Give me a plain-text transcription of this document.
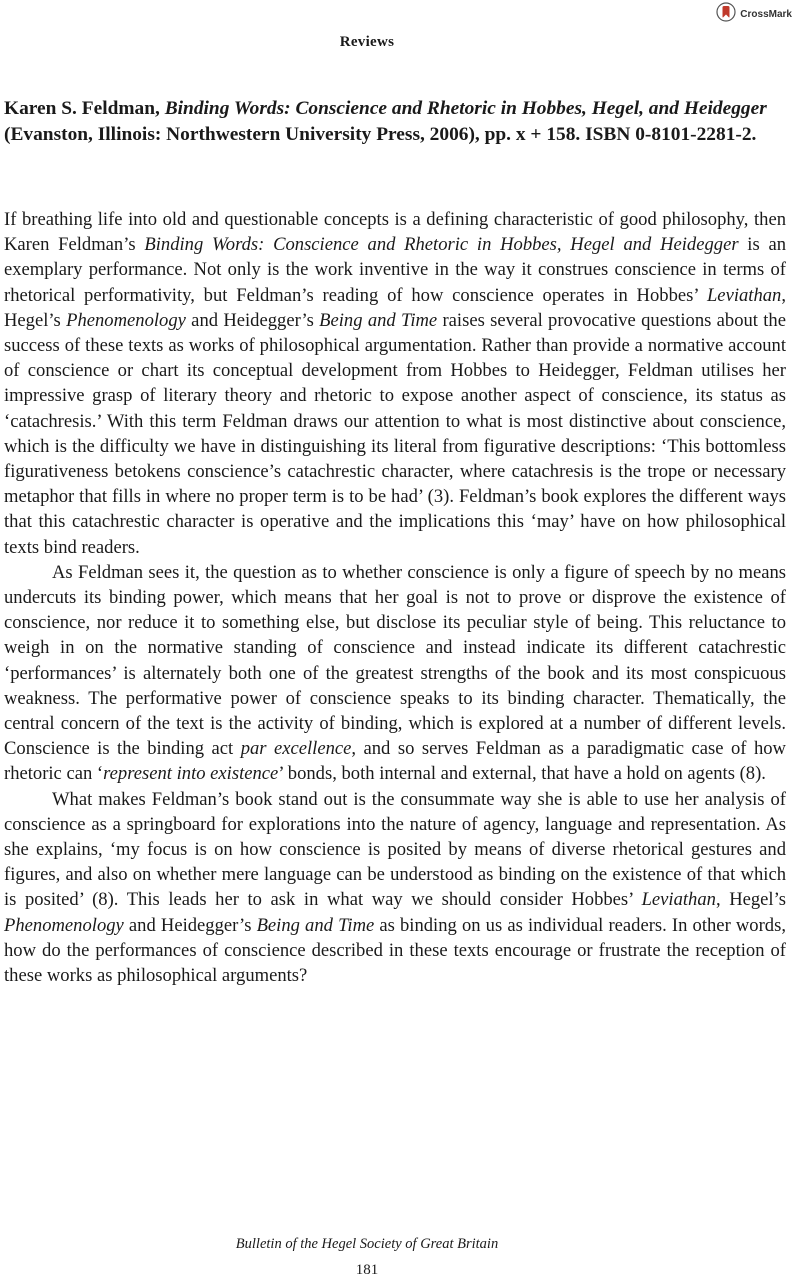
CrossMark
Reviews
Karen S. Feldman, Binding Words: Conscience and Rhetoric in Hobbes, Hegel, and Heidegger (Evanston, Illinois: Northwestern University Press, 2006), pp. x + 158. ISBN 0-8101-2281-2.

If breathing life into old and questionable concepts is a defining characteristic of good philosophy, then Karen Feldman’s Binding Words: Conscience and Rhetoric in Hobbes, Hegel and Heidegger is an exemplary performance. Not only is the work inventive in the way it construes conscience in terms of rhetorical performativity, but Feldman’s reading of how conscience operates in Hobbes’ Leviathan, Hegel’s Phenomenology and Heidegger’s Being and Time raises several provocative questions about the success of these texts as works of philosophical argumentation. Rather than provide a normative account of conscience or chart its conceptual development from Hobbes to Heidegger, Feldman utilises her impressive grasp of literary theory and rhetoric to expose another aspect of conscience, its status as ‘catachresis.’ With this term Feldman draws our attention to what is most distinctive about conscience, which is the difficulty we have in distinguishing its literal from figurative descriptions: ‘This bottomless figurativeness betokens conscience’s catachrestic character, where catachresis is the trope or necessary metaphor that fills in where no proper term is to be had’ (3). Feldman’s book explores the different ways that this catachrestic character is operative and the implications this ‘may’ have on how philosophical texts bind readers.

As Feldman sees it, the question as to whether conscience is only a figure of speech by no means undercuts its binding power, which means that her goal is not to prove or disprove the existence of conscience, nor reduce it to something else, but disclose its peculiar style of being. This reluctance to weigh in on the normative standing of conscience and instead indicate its different catachrestic ‘performances’ is alternately both one of the greatest strengths of the book and its most conspicuous weakness. The performative power of conscience speaks to its binding character. Thematically, the central concern of the text is the activity of binding, which is explored at a number of different levels. Conscience is the binding act par excellence, and so serves Feldman as a paradigmatic case of how rhetoric can ‘represent into existence’ bonds, both internal and external, that have a hold on agents (8).

What makes Feldman’s book stand out is the consummate way she is able to use her analysis of conscience as a springboard for explorations into the nature of agency, language and representation. As she explains, ‘my focus is on how conscience is posited by means of diverse rhetorical gestures and figures, and also on whether mere language can be understood as binding on the existence of that which is posited’ (8). This leads her to ask in what way we should consider Hobbes’ Leviathan, Hegel’s Phenomenology and Heidegger’s Being and Time as binding on us as individual readers. In other words, how do the performances of conscience described in these texts encourage or frustrate the reception of these works as philosophical arguments?

Bulletin of the Hegel Society of Great Britain
181
